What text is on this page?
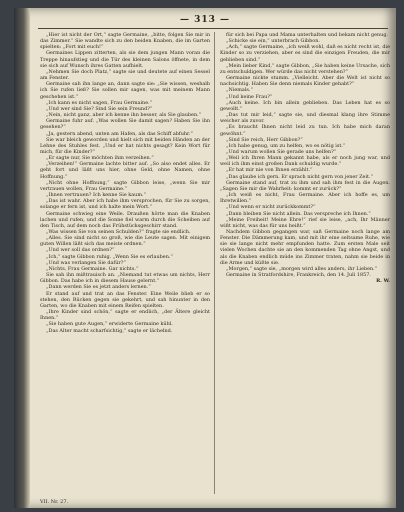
— 313 —

„Hier ist nicht der Ort,“ sagte Germaine, „bitte, folgen Sie mir in das Zimmer.“ Sie wandte sich zu den beiden Knaben, die im Garten spielten: „Fort mit euch!“

Germaines Lippen zitterten, als sie dem jungen Mann voran die Treppe hinaufstieg und die Tür des kleinen Salons öffnete, in dem sie sich auf Wunsch ihres Gatten aufhielt.

„Nehmen Sie doch Platz,“ sagte sie und deutete auf einen Sessel am Fenster.

Germaine sah ihn lange an, dann sagte sie: „Sie wissen, weshalb ich Sie rufen ließ? Sie sollen mir sagen, was mit meinem Mann geschehen ist.“

„Ich kann es nicht sagen, Frau Germaine.“

„Und wer sind Sie? Sind Sie sein Freund?“

„Nein, nicht ganz, aber ich kenne ihn besser, als Sie glauben.“

Germaine fuhr auf. „Was wollen Sie damit sagen? Haben Sie ihn gesehen?“

„Ja, gestern abend, unten am Hafen, als das Schiff abfuhr.“

Sie war bleich geworden und hielt sich mit beiden Händen an der Lehne des Stuhles fest. „Und er hat nichts gesagt? Kein Wort für mich, für die Kinder?“

„Er sagte nur, Sie möchten ihm verzeihen.“

„Verzeihen!“ Germaine lachte bitter auf. „So also endet alles. Er geht fort und läßt uns hier, ohne Geld, ohne Namen, ohne Hoffnung.“

„Nicht ohne Hoffnung,“ sagte Gibbon leise, „wenn Sie mir vertrauen wollen, Frau Germaine.“

„Ihnen vertrauen? Ich kenne Sie kaum.“

„Das ist wahr. Aber ich habe ihm versprochen, für Sie zu sorgen, solange er fern ist, und ich halte mein Wort.“

Germaine schwieg eine Weile. Draußen hörte man die Knaben lachen und rufen, und die Sonne fiel warm durch die Scheiben auf den Tisch, auf dem noch das Frühstücksgeschirr stand.

„Was wissen Sie von seinen Schulden?“ fragte sie endlich.

„Alles. Sie sind nicht so groß, wie die Leute sagen. Mit einigem guten Willen läßt sich das meiste ordnen.“

„Und wer soll das ordnen?“

„Ich,“ sagte Gibbon ruhig. „Wenn Sie es erlauben.“

„Und was verlangen Sie dafür?“

„Nichts, Frau Germaine. Gar nichts.“

Sie sah ihn mißtrauisch an. „Niemand tut etwas um nichts, Herr Gibbon. Das habe ich in diesem Hause gelernt.“

„Dann werden Sie es jetzt anders lernen.“

Er stand auf und trat an das Fenster. Eine Weile blieb er so stehen, den Rücken gegen sie gekehrt, und sah hinunter in den Garten, wo die Knaben mit einem Reifen spielten.

„Ihre Kinder sind schön,“ sagte er endlich, „der Ältere gleicht Ihnen.“

„Sie haben gute Augen,“ erwiderte Germaine kühl.

„Das Alter macht scharfsichtig,“ sagte er lächelnd.

für sich bei Papa und Mama unterhalten und bekam nicht genug.

„Schicke sie ein,“ unterbrach Gibbon.

„Ach,“ sagte Germaine, „ich weiß wohl, daß es nicht recht ist, die Kinder so zu verziehen, aber es sind die einzigen Freuden, die mir geblieben sind.“

„Mein lieber Kind,“ sagte Gibbon, „Sie haben keine Ursache, sich zu entschuldigen. Wer würde das nicht verstehen?“

Germaine nickte stumm. „Vielleicht. Aber die Welt ist nicht so nachsichtig. Haben Sie denn niemals Kinder gehabt?“

„Niemals.“

„Und keine Frau?“

„Auch keine. Ich bin allein geblieben. Das Leben hat es so gewollt.“

„Das tut mir leid,“ sagte sie, und diesmal klang ihre Stimme weicher als zuvor.

„Es braucht Ihnen nicht leid zu tun. Ich habe mich daran gewöhnt.“

„Sind Sie reich, Herr Gibbon?“

„Ich habe genug, um zu helfen, wo es nötig ist.“

„Und warum wollen Sie gerade uns helfen?“

„Weil ich Ihren Mann gekannt habe, als er noch jung war, und weil ich ihm einst großen Dank schuldig wurde.“

„Er hat mir nie von Ihnen erzählt.“

„Das glaube ich gern. Er sprach nicht gern von jener Zeit.“

Germaine stand auf, trat zu ihm und sah ihm fest in die Augen. „Sagen Sie mir die Wahrheit: kommt er zurück?“

„Ich weiß es nicht, Frau Germaine. Aber ich hoffe es, um Ihretwillen.“

„Und wenn er nicht zurückkommt?“

„Dann bleiben Sie nicht allein. Das verspreche ich Ihnen.“

„Meine Freiheit! Meine Ehre!“ rief sie leise, „ach, Ihr Männer wißt nicht, was das für uns heißt.“

Nachdem Gibbon gegangen war, saß Germaine noch lange am Fenster. Die Dämmerung kam, und mit ihr eine seltsame Ruhe, wie sie sie lange nicht mehr empfunden hatte. Zum ersten Male seit vielen Wochen dachte sie an den kommenden Tag ohne Angst, und als die Knaben endlich müde ins Zimmer traten, nahm sie beide in die Arme und küßte sie.

„Morgen,“ sagte sie, „morgen wird alles anders, ihr Lieben.“

Germaine in Stratfordshire, Frankreich, den 14. Juli 1857.

R. W.

VII. Nr. 27.
